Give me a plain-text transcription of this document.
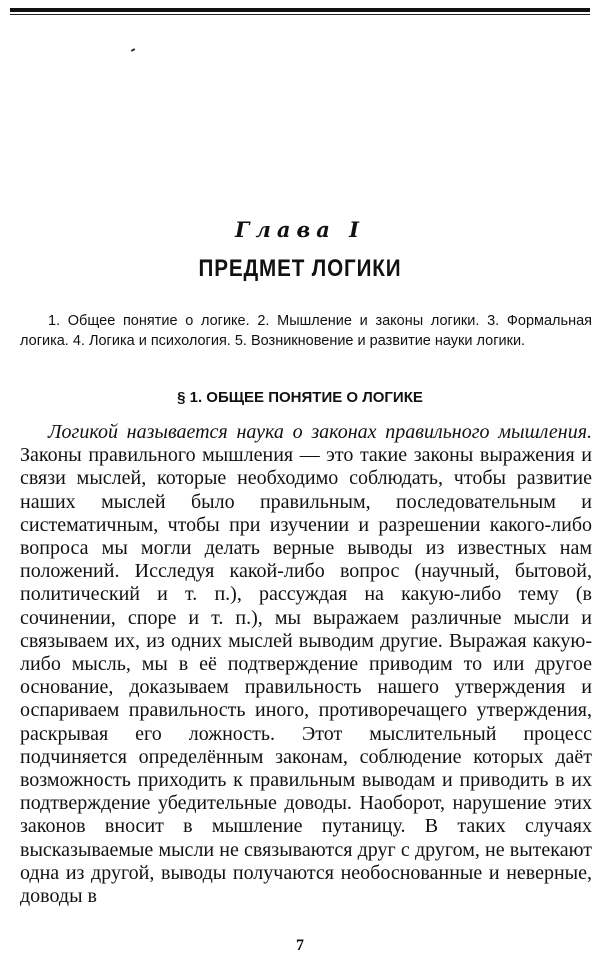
Глава I
ПРЕДМЕТ ЛОГИКИ

1. Общее понятие о логике. 2. Мышление и законы логики. 3. Формальная логика. 4. Логика и психология. 5. Возникновение и развитие науки логики.

§ 1. ОБЩЕЕ ПОНЯТИЕ О ЛОГИКЕ

Логикой называется наука о законах правильного мышления. Законы правильного мышления — это такие законы выражения и связи мыслей, которые необходимо соблюдать, чтобы развитие наших мыслей было правильным, последовательным и систематичным, чтобы при изучении и разрешении какого-либо вопроса мы могли делать верные выводы из известных нам положений. Исследуя какой-либо вопрос (научный, бытовой, политический и т. п.), рассуждая на какую-либо тему (в сочинении, споре и т. п.), мы выражаем различные мысли и связываем их, из одних мыслей выводим другие. Выражая какую-либо мысль, мы в её подтверждение приводим то или другое основание, доказываем правильность нашего утверждения и оспариваем правильность иного, противоречащего утверждения, раскрывая его ложность. Этот мыслительный процесс подчиняется определённым законам, соблюдение которых даёт возможность приходить к правильным выводам и приводить в их подтверждение убедительные доводы. Наоборот, нарушение этих законов вносит в мышление путаницу. В таких случаях высказываемые мысли не связываются друг с другом, не вытекают одна из другой, выводы получаются необоснованные и неверные, доводы в

7
